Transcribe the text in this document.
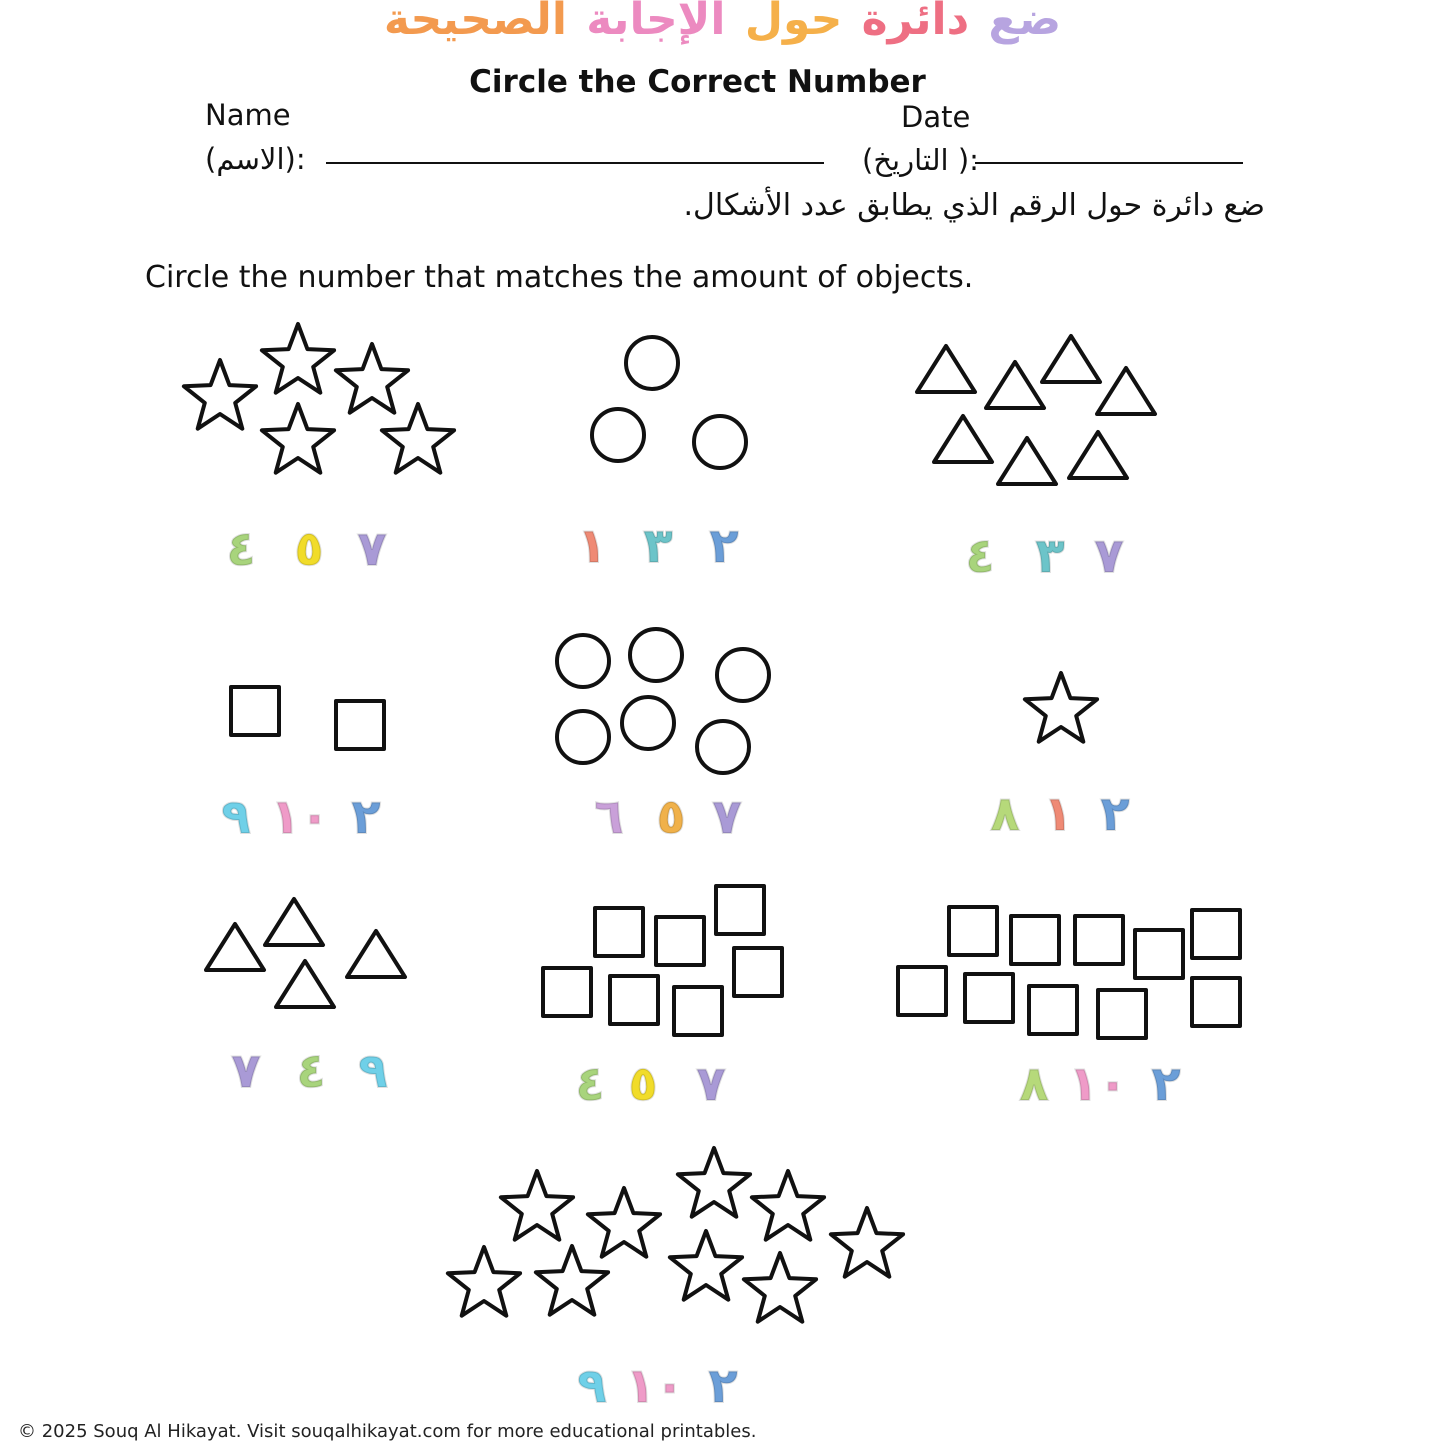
ضع دائرة حول الإجابة الصحيحة
Circle the Correct Number
Name
(الاسم):
Date
(التاريخ ):
ضع دائرة حول الرقم الذي يطابق عدد الأشكال.
Circle the number that matches the amount of objects.
٤ ٥ ٧	١ ٣ ٢	٤ ٣ ٧
٩ ١٠ ٢	٦ ٥ ٧	٨ ١ ٢
٧ ٤ ٩	٤ ٥ ٧	٨ ١٠ ٢
٩ ١٠ ٢
© 2025 Souq Al Hikayat. Visit souqalhikayat.com for more educational printables.
